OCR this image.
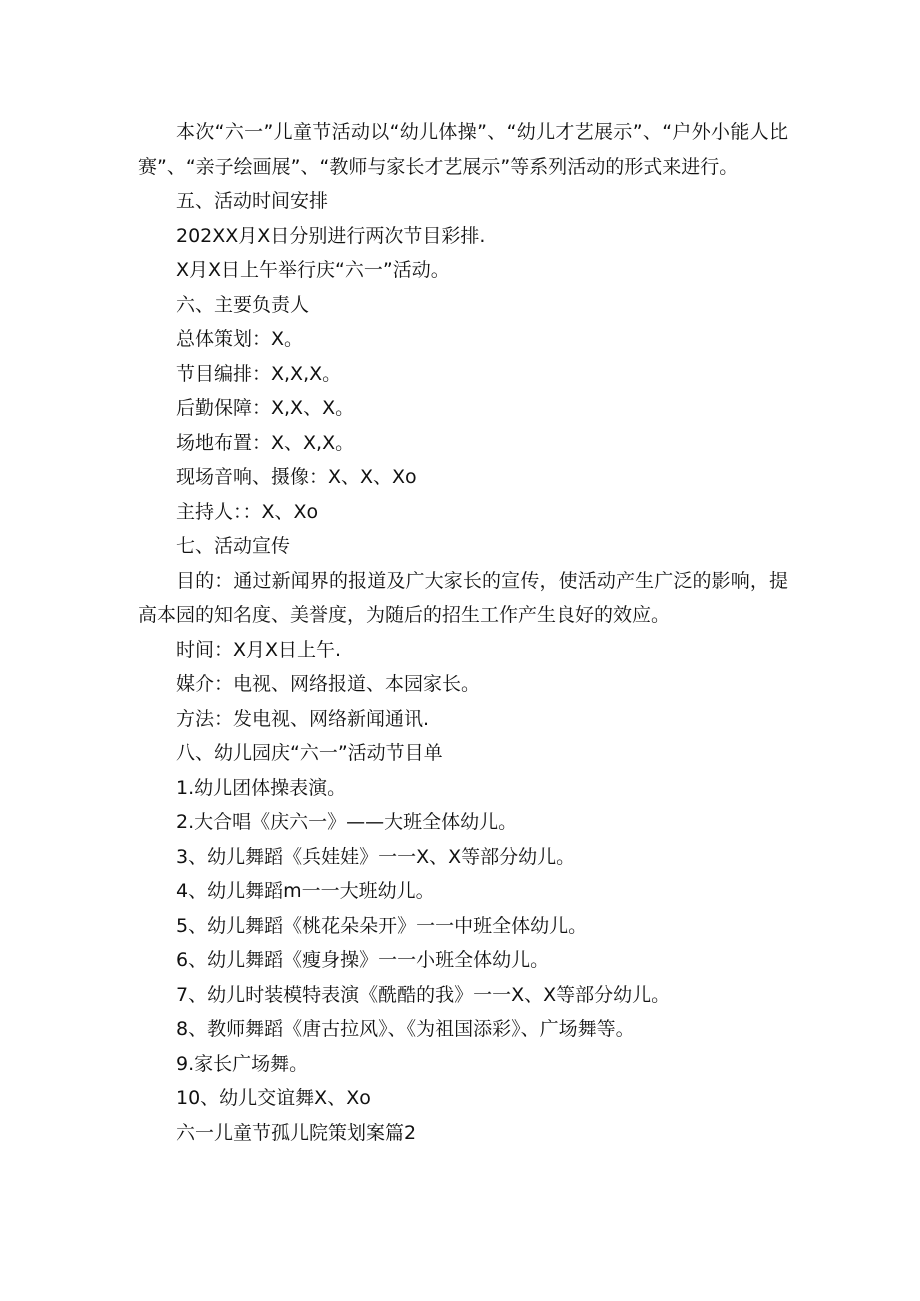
本次“六一”儿童节活动以“幼儿体操”、“幼儿才艺展示”、“户外小能人比赛”、“亲子绘画展”、“教师与家长才艺展示”等系列活动的形式来进行。

五、活动时间安排
202XX月X日分别进行两次节目彩排.
X月X日上午举行庆“六一”活动。
六、主要负责人
总体策划：X。
节目编排：X,X,X。
后勤保障：X,X、X。
场地布置：X、X,X。
现场音响、摄像：X、X、Xo
主持人：：X、Xo
七、活动宣传

目的：通过新闻界的报道及广大家长的宣传，使活动产生广泛的影响，提高本园的知名度、美誉度，为随后的招生工作产生良好的效应。

时间：X月X日上午.
媒介：电视、网络报道、本园家长。
方法：发电视、网络新闻通讯.
八、幼儿园庆“六一”活动节目单
1.幼儿团体操表演。
2.大合唱《庆六一》——大班全体幼儿。
3、幼儿舞蹈《兵娃娃》一一X、X等部分幼儿。
4、幼儿舞蹈m一一大班幼儿。
5、幼儿舞蹈《桃花朵朵开》一一中班全体幼儿。
6、幼儿舞蹈《瘦身操》一一小班全体幼儿。
7、幼儿时装模特表演《酰酷的我》一一X、X等部分幼儿。
8、教师舞蹈《唐古拉风》、《为祖国添彩》、广场舞等。
9.家长广场舞。
10、幼儿交谊舞X、Xo
六一儿童节孤儿院策划案篇2
